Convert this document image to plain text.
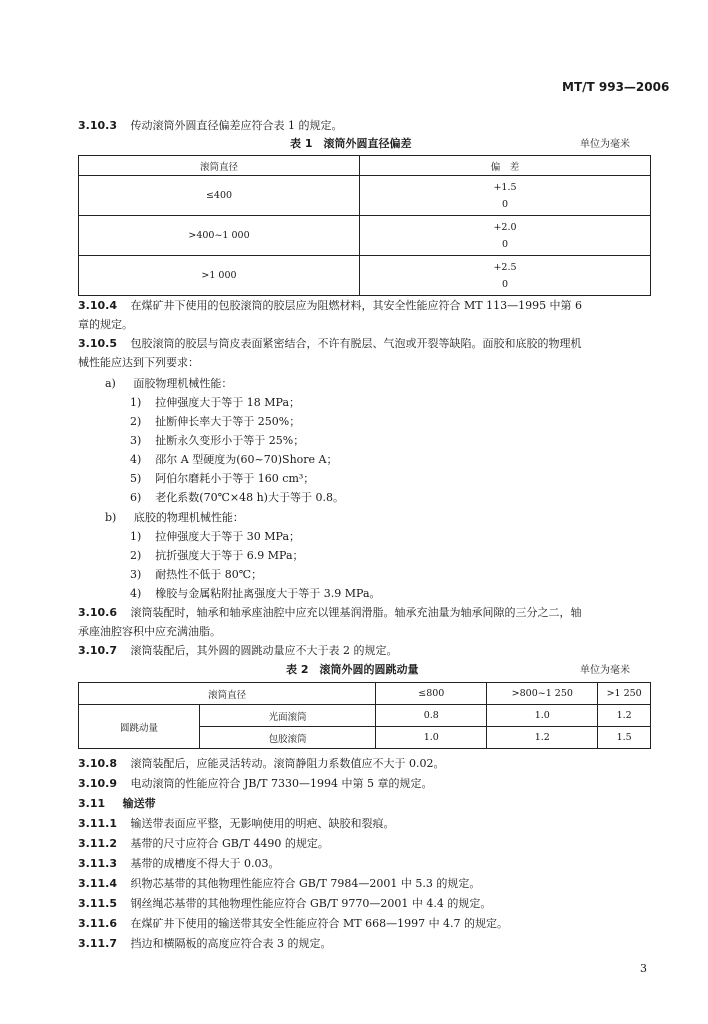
MT/T 993—2006
3.10.3 传动滚筒外圆直径偏差应符合表 1 的规定。
表 1　滚筒外圆直径偏差	单位为毫米
滚筒直径	偏　差
≤400	+1.5
0

>400~1 000	+2.0
0

>1 000	+2.5
0
3.10.4 在煤矿井下使用的包胶滚筒的胶层应为阻燃材料，其安全性能应符合 MT 113—1995 中第 6
章的规定。
3.10.5 包胶滚筒的胶层与筒皮表面紧密结合，不许有脱层、气泡或开裂等缺陷。面胶和底胶的物理机
械性能应达到下列要求：
a) 面胶物理机械性能：
1) 拉伸强度大于等于 18 MPa；
2) 扯断伸长率大于等于 250%；
3) 扯断永久变形小于等于 25%；
4) 邵尔 A 型硬度为(60~70)Shore A；
5) 阿伯尔磨耗小于等于 160 cm³；
6) 老化系数(70℃×48 h)大于等于 0.8。
b) 底胶的物理机械性能：
1) 拉伸强度大于等于 30 MPa；
2) 抗折强度大于等于 6.9 MPa；
3) 耐热性不低于 80℃；
4) 橡胶与金属粘附扯离强度大于等于 3.9 MPa。
3.10.6 滚筒装配时，轴承和轴承座油腔中应充以锂基润滑脂。轴承充油量为轴承间隙的三分之二，轴
承座油腔容积中应充满油脂。
3.10.7 滚筒装配后，其外圆的圆跳动量应不大于表 2 的规定。
表 2　滚筒外圆的圆跳动量	单位为毫米
滚筒直径		≤800	>800~1 250	>1 250
圆跳动量	光面滚筒	0.8	1.0	1.2
	包胶滚筒	1.0	1.2	1.5
3.10.8 滚筒装配后，应能灵活转动。滚筒静阻力系数值应不大于 0.02。
3.10.9 电动滚筒的性能应符合 JB/T 7330—1994 中第 5 章的规定。
3.11 输送带
3.11.1 输送带表面应平整，无影响使用的明疤、缺胶和裂痕。
3.11.2 基带的尺寸应符合 GB/T 4490 的规定。
3.11.3 基带的成槽度不得大于 0.03。
3.11.4 织物芯基带的其他物理性能应符合 GB/T 7984—2001 中 5.3 的规定。
3.11.5 钢丝绳芯基带的其他物理性能应符合 GB/T 9770—2001 中 4.4 的规定。
3.11.6 在煤矿井下使用的输送带其安全性能应符合 MT 668—1997 中 4.7 的规定。
3.11.7 挡边和横隔板的高度应符合表 3 的规定。
3
